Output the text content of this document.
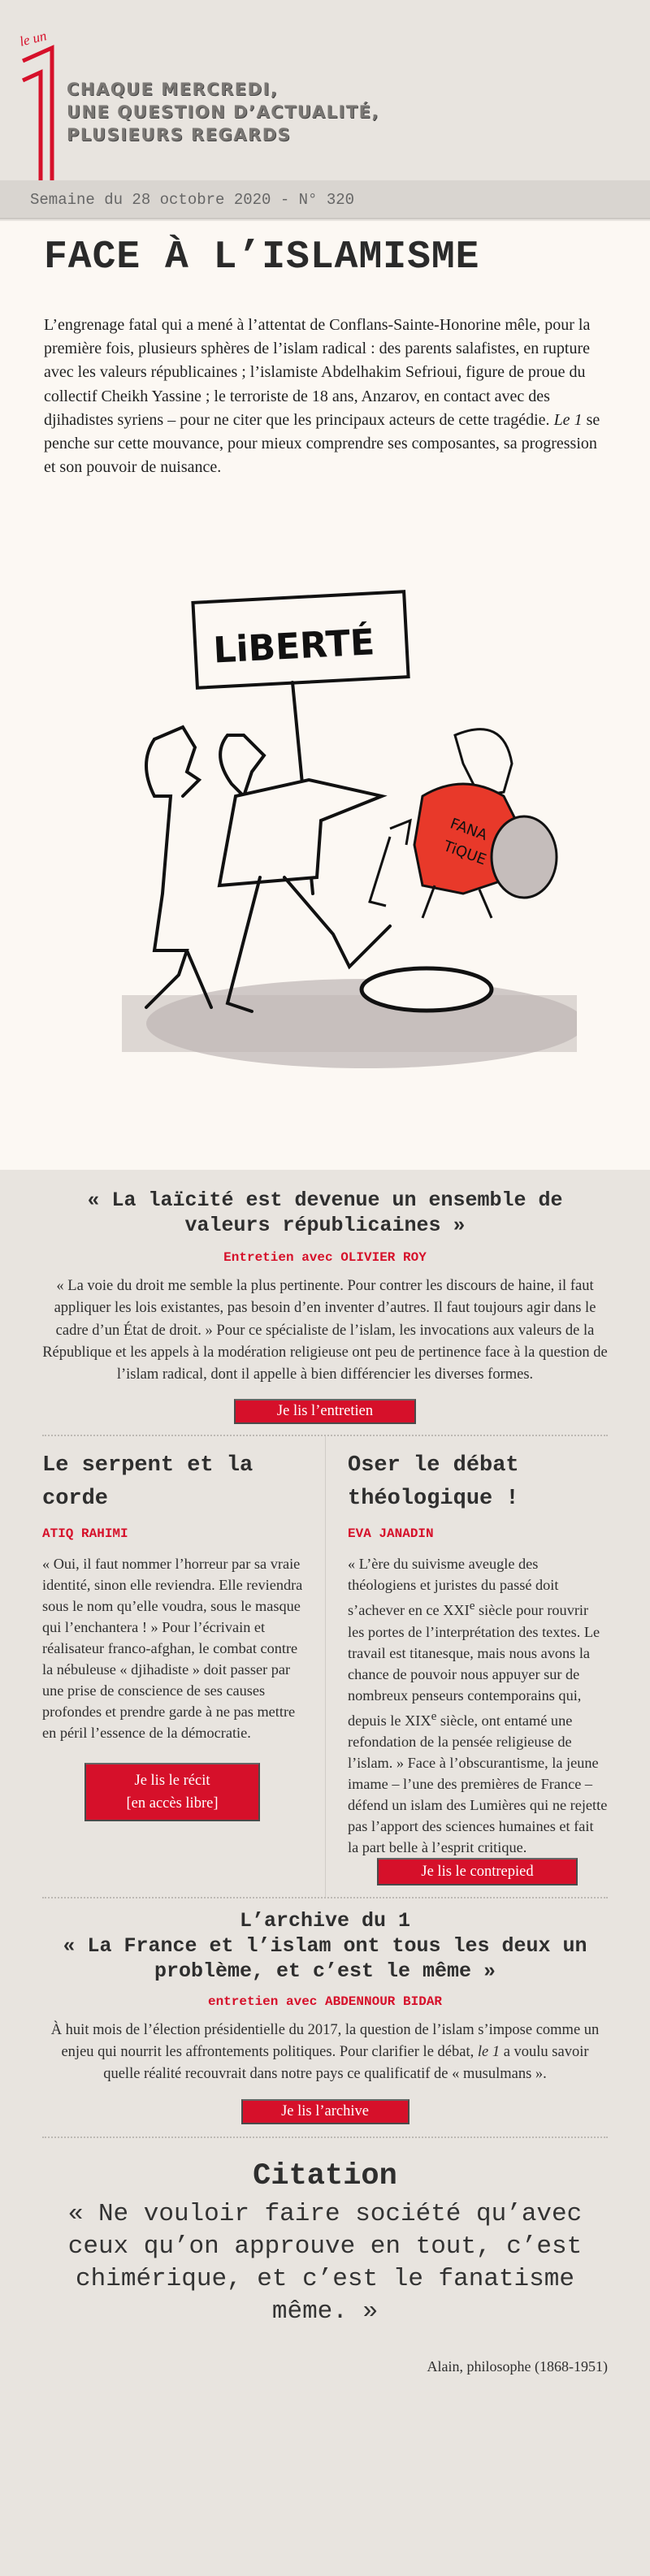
le un
CHAQUE MERCREDI,
UNE QUESTION D’ACTUALITÉ,
PLUSIEURS REGARDS
Semaine du 28 octobre 2020 - N° 320
FACE À L’ISLAMISME

L’engrenage fatal qui a mené à l’attentat de Conflans-Sainte-Honorine mêle, pour la première fois, plusieurs sphères de l’islam radical : des parents salafistes, en rupture avec les valeurs républicaines ; l’islamiste Abdelhakim Sefrioui, figure de proue du collectif Cheikh Yassine ; le terroriste de 18 ans, Anzarov, en contact avec des djihadistes syriens – pour ne citer que les principaux acteurs de cette tragédie. Le 1 se penche sur cette mouvance, pour mieux comprendre ses composantes, sa progression et son pouvoir de nuisance.

LiBERTÉ
FANA
TiQUE
« La laïcité est devenue un ensemble de valeurs républicaines »
Entretien avec OLIVIER ROY

« La voie du droit me semble la plus pertinente. Pour contrer les discours de haine, il faut appliquer les lois existantes, pas besoin d’en inventer d’autres. Il faut toujours agir dans le cadre d’un État de droit. » Pour ce spécialiste de l’islam, les invocations aux valeurs de la République et les appels à la modération religieuse ont peu de pertinence face à la question de l’islam radical, dont il appelle à bien différencier les diverses formes.

Je lis l’entretien
Le serpent et la corde
ATIQ RAHIMI

« Oui, il faut nommer l’horreur par sa vraie identité, sinon elle reviendra. Elle reviendra sous le nom qu’elle voudra, sous le masque qui l’enchantera ! » Pour l’écrivain et réalisateur franco-afghan, le combat contre la nébuleuse « djihadiste » doit passer par une prise de conscience de ses causes profondes et prendre garde à ne pas mettre en péril l’essence de la démocratie.

Je lis le récit
[en accès libre]
Oser le débat théologique !
EVA JANADIN

« L’ère du suivisme aveugle des théologiens et juristes du passé doit s’achever en ce XXIe siècle pour rouvrir les portes de l’interprétation des textes. Le travail est titanesque, mais nous avons la chance de pouvoir nous appuyer sur de nombreux penseurs contemporains qui, depuis le XIXe siècle, ont entamé une refondation de la pensée religieuse de l’islam. » Face à l’obscurantisme, la jeune imame – l’une des premières de France – défend un islam des Lumières qui ne rejette pas l’apport des sciences humaines et fait la part belle à l’esprit critique.

Je lis le contrepied
L’archive du 1
« La France et l’islam ont tous les deux un problème, et c’est le même »
entretien avec ABDENNOUR BIDAR

À huit mois de l’élection présidentielle du 2017, la question de l’islam s’impose comme un enjeu qui nourrit les affrontements politiques. Pour clarifier le débat, le 1 a voulu savoir quelle réalité recouvrait dans notre pays ce qualificatif de « musulmans ».

Je lis l’archive
Citation
« Ne vouloir faire société qu’avec ceux qu’on approuve en tout, c’est chimérique, et c’est le fanatisme même. »
Alain, philosophe (1868-1951)
